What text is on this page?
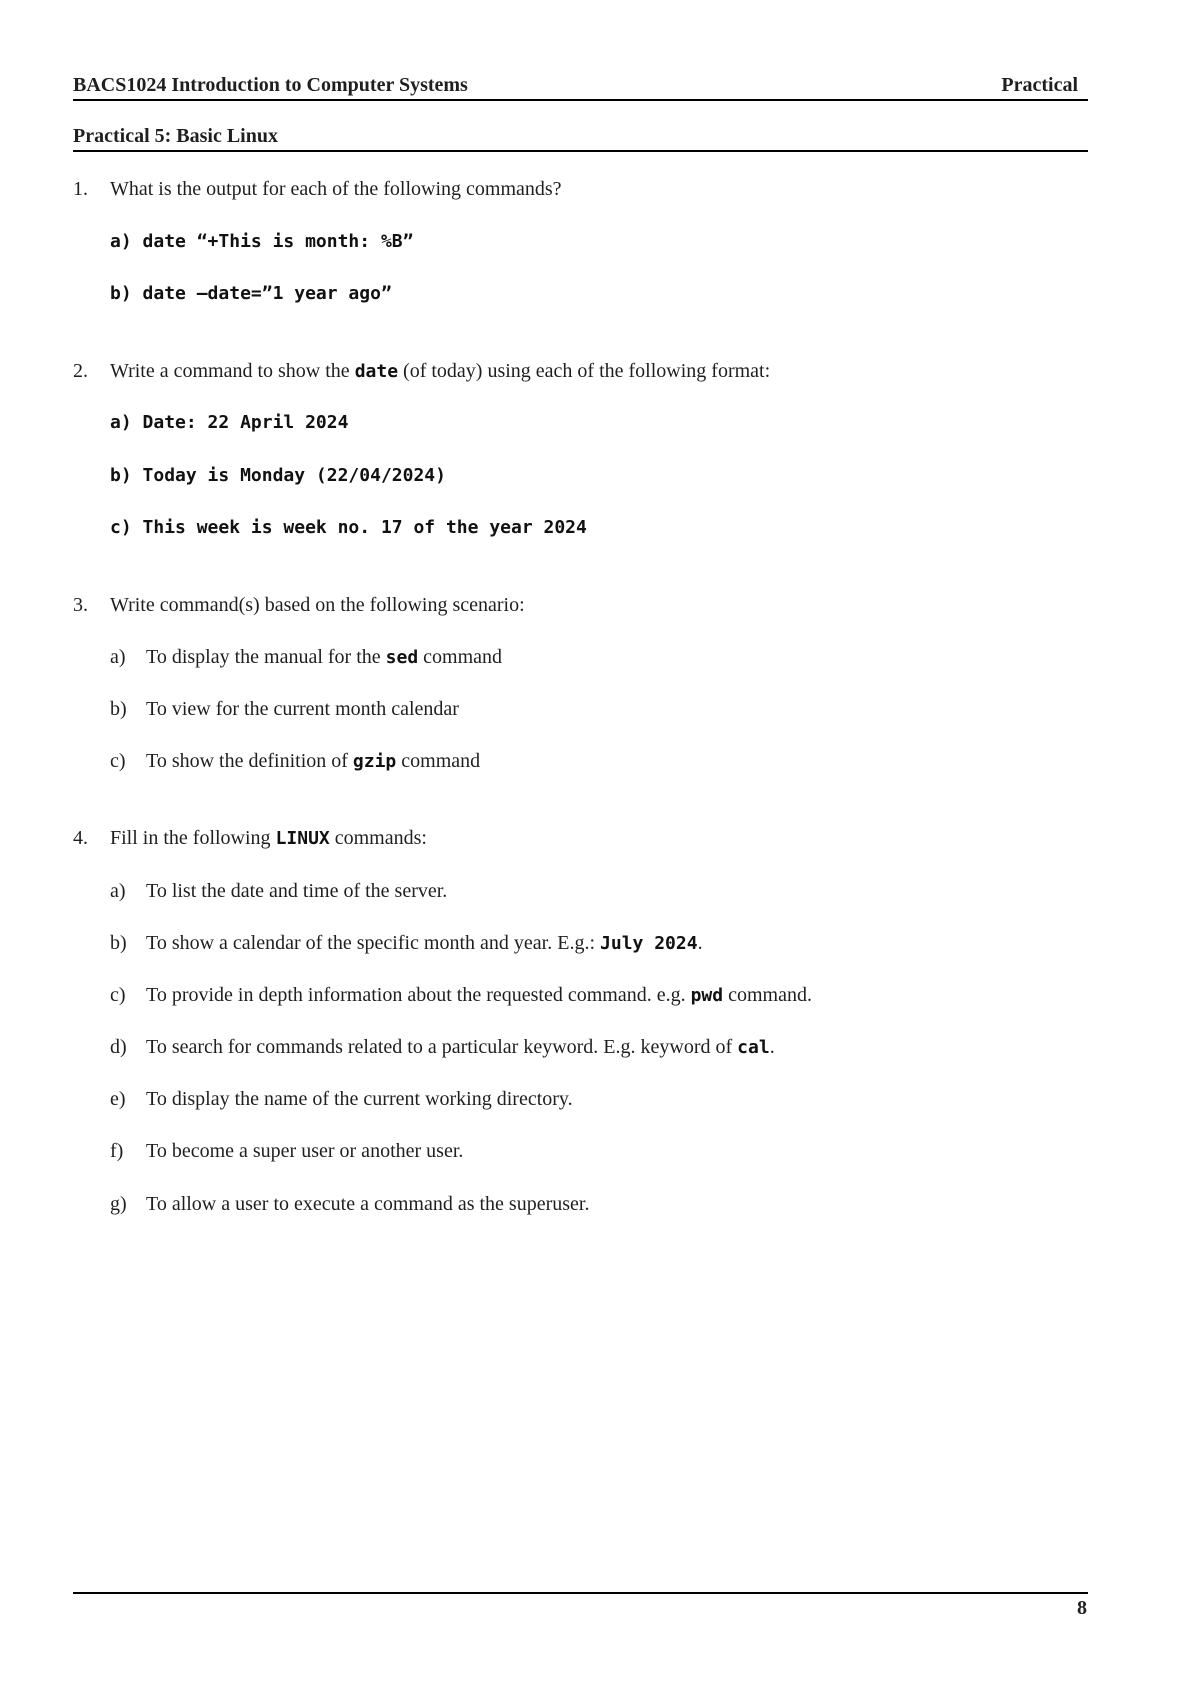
BACS1024 Introduction to Computer Systems	Practical
Practical 5: Basic Linux
1. What is the output for each of the following commands?
a) date “+This is month: %B”
b) date –date=”1 year ago”
2. Write a command to show the date (of today) using each of the following format:
a) Date: 22 April 2024
b) Today is Monday (22/04/2024)
c) This week is week no. 17 of the year 2024
3. Write command(s) based on the following scenario:
a) To display the manual for the sed command
b) To view for the current month calendar
c) To show the definition of gzip command
4. Fill in the following LINUX commands:
a) To list the date and time of the server.
b) To show a calendar of the specific month and year. E.g.: July 2024.
c) To provide in depth information about the requested command. e.g. pwd command.
d) To search for commands related to a particular keyword. E.g. keyword of cal.
e) To display the name of the current working directory.
f) To become a super user or another user.
g) To allow a user to execute a command as the superuser.
8
